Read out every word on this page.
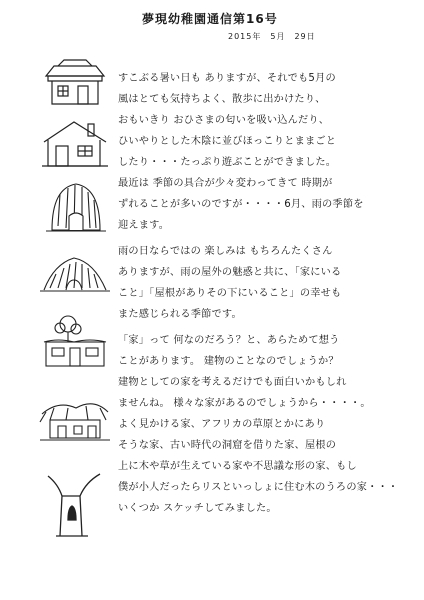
夢現幼稚園通信第16号
2015年　5月　29日
すこぶる暑い日も ありますが、それでも5月の
風はとても気持ちよく、散歩に出かけたり、
おもいきり おひさまの匂いを吸い込んだり、
ひいやりとした木陰に並びほっこりとままごと
したり・・・たっぷり遊ぶことができました。
最近は 季節の具合が少々変わってきて 時期が
ずれることが多いのですが・・・・6月、雨の季節を
迎えます。
雨の日ならではの 楽しみは もちろんたくさん
ありますが、雨の屋外の魅惑と共に、「家にいる
こと」「屋根がありその下にいること」の幸せも
また感じられる季節です。
「家」って 何なのだろう？と、あらためて想う
ことがあります。 建物のことなのでしょうか？
建物としての家を考えるだけでも面白いかもしれ
ませんね。 様々な家があるのでしょうから・・・・。
よく見かける家、アフリカの草原とかにあり
そうな家、古い時代の洞窟を借りた家、屋根の
上に木や草が生えている家や不思議な形の家、もし
僕が小人だったらリスといっしょに住む木のうろの家・・・
いくつか スケッチしてみました。
